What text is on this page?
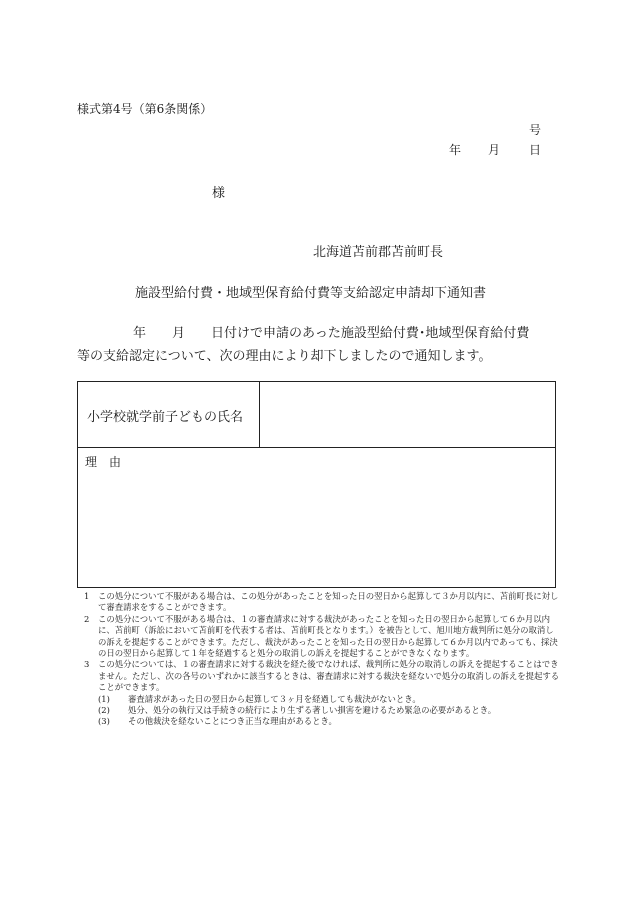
様式第4号（第6条関係）
号
年 月 日
様
北海道苫前郡苫前町長
施設型給付費・地域型保育給付費等支給認定申請却下通知書
年　　月　　日付けで申請のあった施設型給付費･地域型保育給付費
等の支給認定について、次の理由により却下しましたので通知します。
小学校就学前子どもの氏名
理　由
1	この処分について不服がある場合は、この処分があったことを知った日の翌日から起算して３か月以内に、苫前町長に対して審査請求をすることができます。
2	この処分について不服がある場合は、１の審査請求に対する裁決があったことを知った日の翌日から起算して６か月以内に、苫前町（訴訟において苫前町を代表する者は、苫前町長となります。）を被告として、旭川地方裁判所に処分の取消しの訴えを提起することができます。ただし、裁決があったことを知った日の翌日から起算して６か月以内であっても、採決の日の翌日から起算して１年を経過すると処分の取消しの訴えを提起することができなくなります。
3	この処分については、１の審査請求に対する裁決を経た後でなければ、裁判所に処分の取消しの訴えを提起することはできません。ただし、次の各号のいずれかに該当するときは、審査請求に対する裁決を経ないで処分の取消しの訴えを提起することができます。
(1)	審査請求があった日の翌日から起算して３ヶ月を経過しても裁決がないとき。
(2)	処分、処分の執行又は手続きの続行により生ずる著しい損害を避けるため緊急の必要があるとき。
(3)	その他裁決を経ないことにつき正当な理由があるとき。
